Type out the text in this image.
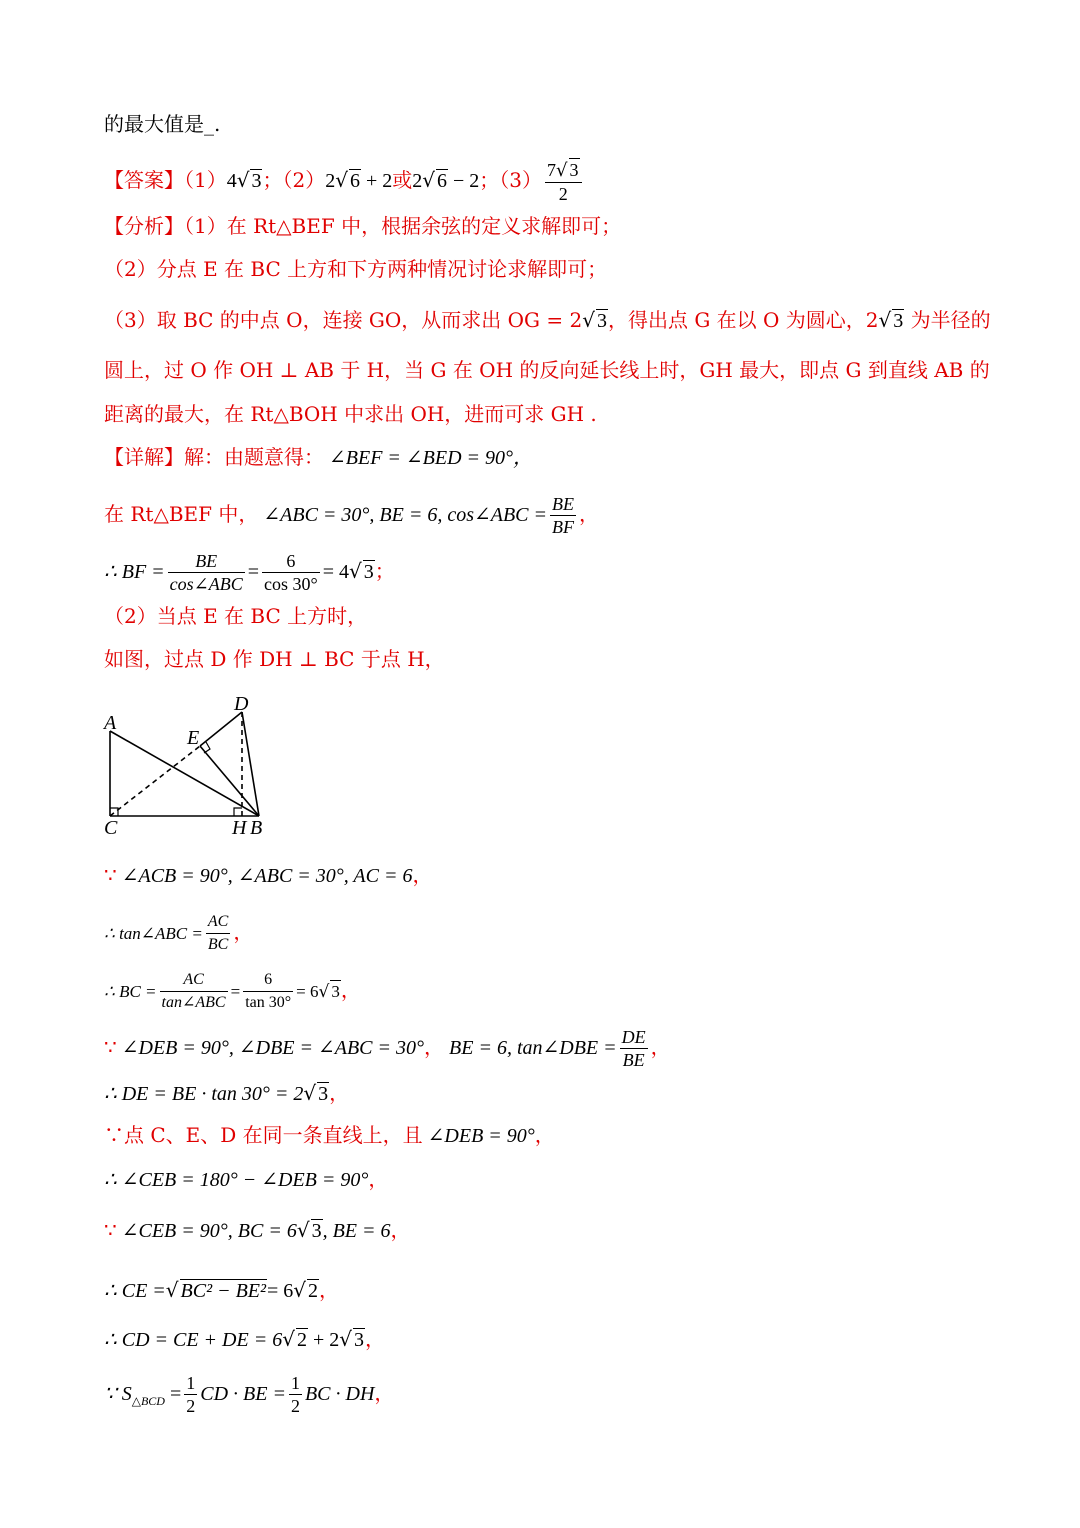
的最大值是_.
【答案】（1）4√ 3；（2）2√ 6 + 2或2√ 6 − 2；$(3) \frac{7√ 3}{2}$
【分析】（1）在 Rt△BEF 中，根据余弦的定义求解即可；
（2）分点 E 在 BC 上方和下方两种情况讨论求解即可；
（3）取 BC 的中点 O，连接 GO，从而求出 OG = 2√ 3，得出点 G 在以 O 为圆心，2√ 3 为半径的
圆上，过 O 作 OH ⊥ AB 于 H，当 G 在 OH 的反向延长线上时，GH 最大，即点 G 到直线 AB 的
距离的最大，在 Rt△BOH 中求出 OH，进而可求 GH .
【详解】解：由题意得： ∠BEF = ∠BED = 90°，
在 Rt△BEF 中， ∠ABC = 30°, BE = 6, cos∠ABC = $\frac{BE}{BF}$ ，
∴ BF = $\frac{BE}{\text{cos∠ABC}} = \frac{6}{\cos 30^\circ} = 4√$ 3；
（2）当点 E 在 BC 上方时，
如图，过点 D 作 DH ⊥ BC 于点 H，
A
D
E
C	H B
∵ ∠ACB = 90°, ∠ABC = 30°, AC = 6，
∴ tan∠ABC = $\frac{AC}{BC}$ ，
∴ BC = $\frac{AC}{\text{tan∠ABC}} = \frac{6}{\tan 30^\circ} = 6√$ 3，
∵ ∠DEB = 90°, ∠DBE = ∠ABC = 30°， BE = 6, tan∠DBE = $\frac{DE}{BE}$ ，
∴ DE = BE · tan 30° = 2√ 3，
∵点 C、E、D 在同一条直线上，且 ∠DEB = 90°，
∴ ∠CEB = 180° − ∠DEB = 90°，
∵ ∠CEB = 90°, BC = 6√ 3, BE = 6，
∴ CE =√ BC² − BE²= 6√ 2，
∴ CD = CE + DE = 6√ 2 + 2√ 3，
∵ $S_{\triangle BCD} = \frac{1}{2}$ CD · BE = $\frac{1}{2}$ BC · DH，
